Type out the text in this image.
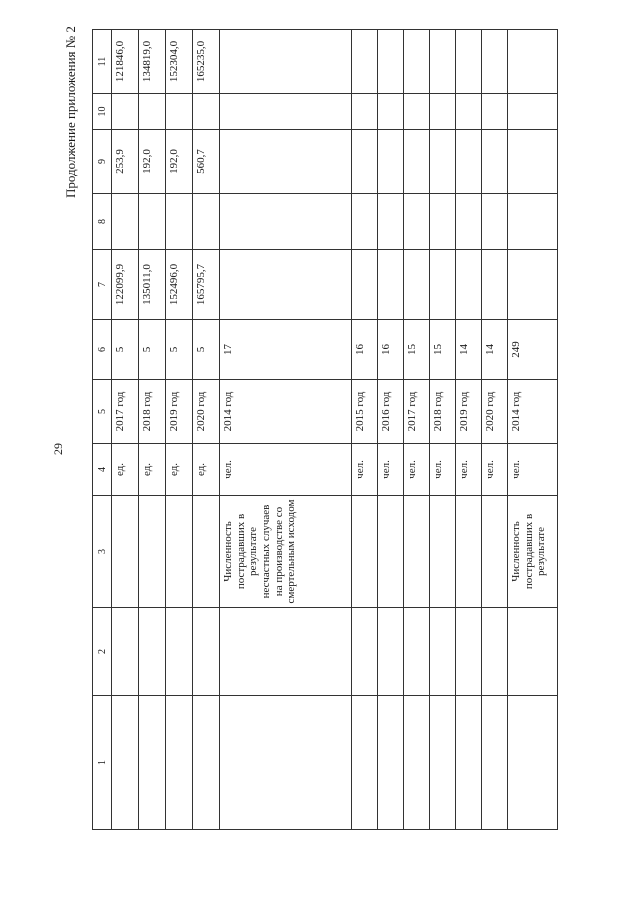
29
Продолжение приложения № 2
1	2	3	4	5	6	7	8	9	10	11
			ед.	2017 год	5	122099,9		253,9		121846,0
			ед.	2018 год	5	135011,0		192,0		134819,0
			ед.	2019 год	5	152496,0		192,0		152304,0
			ед.	2020 год	5	165795,7		560,7		165235,0
		Численность пострадавших в результате несчастных случаев на производстве со смертельным исходом	чел.	2014 год	17					
			чел.	2015 год	16					
			чел.	2016 год	16					
			чел.	2017 год	15					
			чел.	2018 год	15					
			чел.	2019 год	14					
			чел.	2020 год	14					
		Численность пострадавших в результате	чел.	2014 год	249					
